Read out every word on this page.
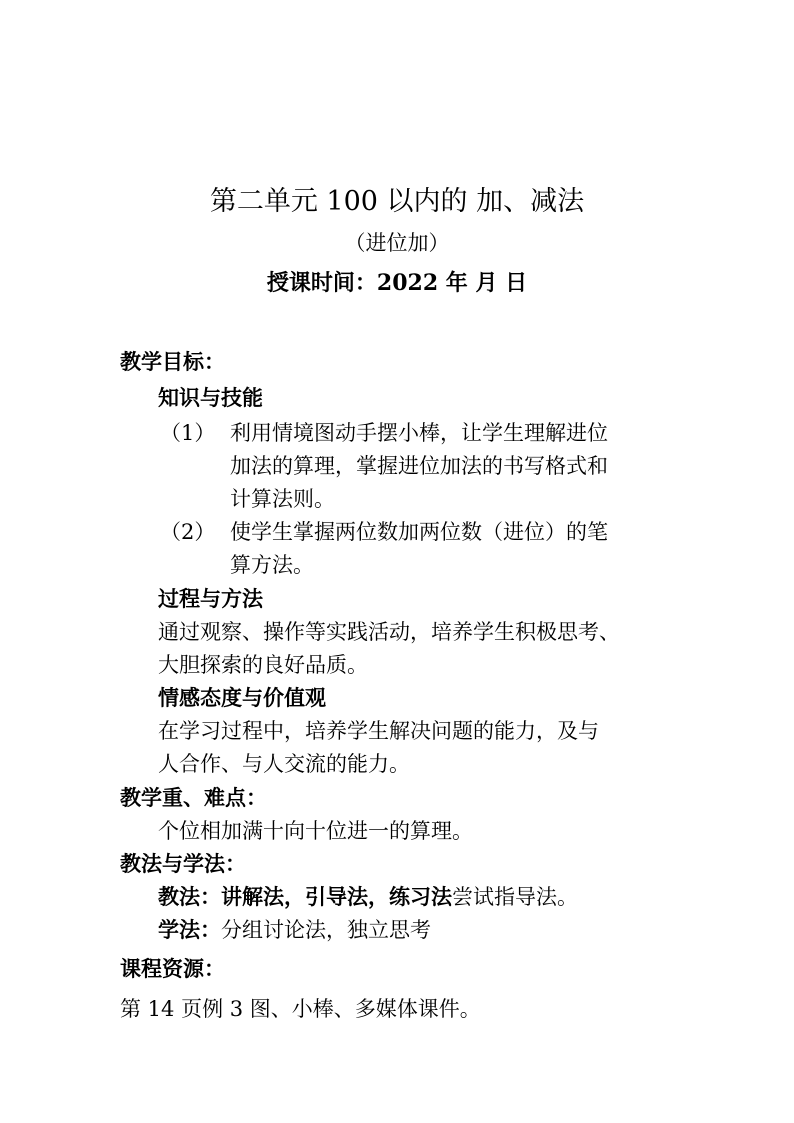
第二单元 100 以内的 加、减法
（进位加）
授课时间：2022 年 月 日
教学目标：
知识与技能
（1） 利用情境图动手摆小棒，让学生理解进位
加法的算理，掌握进位加法的书写格式和
计算法则。
（2） 使学生掌握两位数加两位数（进位）的笔
算方法。
过程与方法
通过观察、操作等实践活动，培养学生积极思考、
大胆探索的良好品质。
情感态度与价值观
在学习过程中，培养学生解决问题的能力，及与
人合作、与人交流的能力。
教学重、难点：
个位相加满十向十位进一的算理。
教法与学法：
教法：讲解法，引导法，练习法尝试指导法。
学法：分组讨论法，独立思考
课程资源：
第 14 页例 3 图、小棒、多媒体课件。
